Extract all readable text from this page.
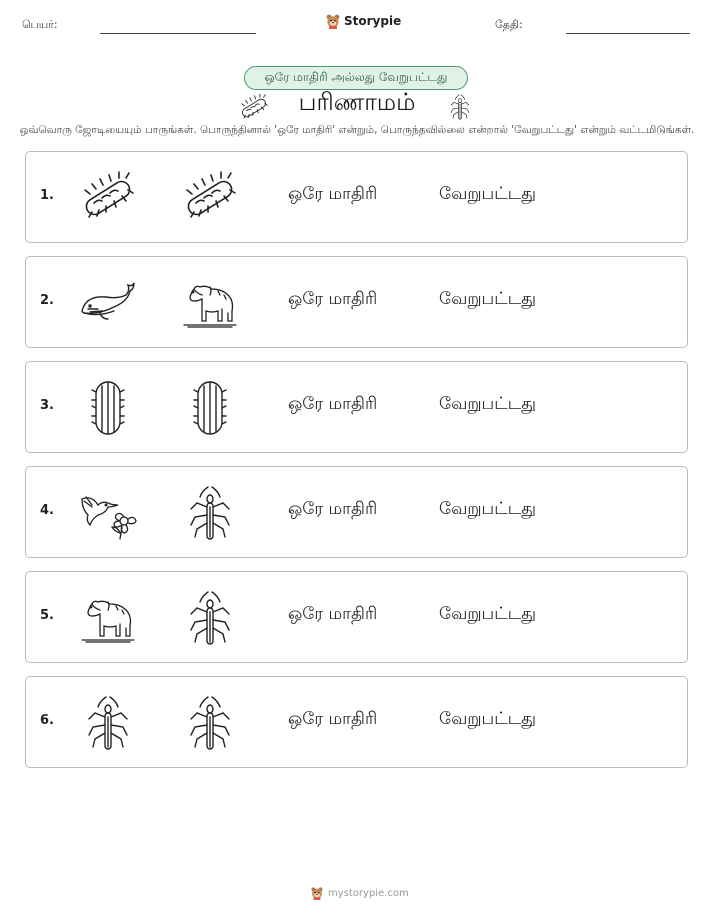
பெயர்:	Storypie	தேதி:
ஒரே மாதிரி அல்லது வேறுபட்டது
பரிணாமம்
ஒவ்வொரு ஜோடியையும் பாருங்கள். பொருந்தினால் 'ஒரே மாதிரி' என்றும், பொருந்தவில்லை என்றால் 'வேறுபட்டது' என்றும் வட்டமிடுங்கள்.
1.	ஒரே மாதிரி	வேறுபட்டது
2.	ஒரே மாதிரி	வேறுபட்டது
3.	ஒரே மாதிரி	வேறுபட்டது
4.	ஒரே மாதிரி	வேறுபட்டது
5.	ஒரே மாதிரி	வேறுபட்டது
6.	ஒரே மாதிரி	வேறுபட்டது
mystorypie.com
